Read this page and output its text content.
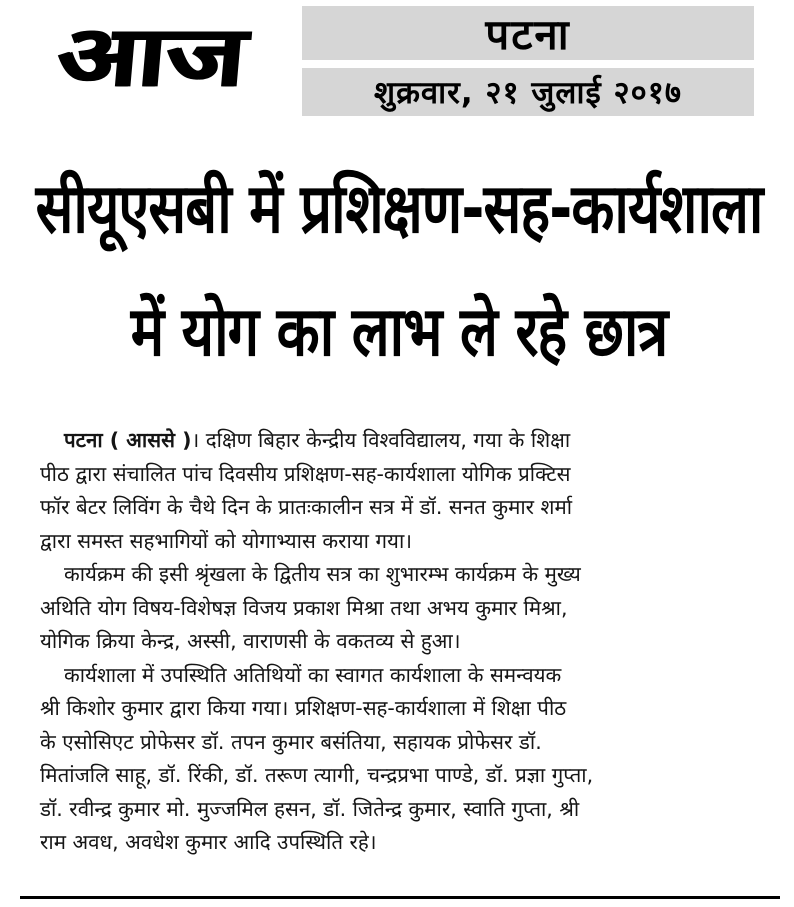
आज	पटना
शुक्रवार, २१ जुलाई २०१७
सीयूएसबी में प्रशिक्षण-सह-कार्यशाला
में योग का लाभ ले रहे छात्र

पटना ( आससे )। दक्षिण बिहार केन्द्रीय विश्वविद्यालय, गया के शिक्षा
पीठ द्वारा संचालित पांच दिवसीय प्रशिक्षण-सह-कार्यशाला योगिक प्रक्टिस
फॉर बेटर लिविंग के चैथे दिन के प्रातःकालीन सत्र में डॉ. सनत कुमार शर्मा
द्वारा समस्त सहभागियों को योगाभ्यास कराया गया।

कार्यक्रम की इसी श्रृंखला के द्वितीय सत्र का शुभारम्भ कार्यक्रम के मुख्य
अथिति योग विषय-विशेषज्ञ विजय प्रकाश मिश्रा तथा अभय कुमार मिश्रा,
योगिक क्रिया केन्द्र, अस्सी, वाराणसी के वकतव्य से हुआ।

कार्यशाला में उपस्थिति अतिथियों का स्वागत कार्यशाला के समन्वयक
श्री किशोर कुमार द्वारा किया गया। प्रशिक्षण-सह-कार्यशाला में शिक्षा पीठ
के एसोसिएट प्रोफेसर डॉ. तपन कुमार बसंतिया, सहायक प्रोफेसर डॉ.
मितांजलि साहू, डॉ. रिंकी, डॉ. तरूण त्यागी, चन्द्रप्रभा पाण्डे, डॉ. प्रज्ञा गुप्ता,
डॉ. रवीन्द्र कुमार मो. मुज्जमिल हसन, डॉ. जितेन्द्र कुमार, स्वाति गुप्ता, श्री
राम अवध, अवधेश कुमार आदि उपस्थिति रहे।
